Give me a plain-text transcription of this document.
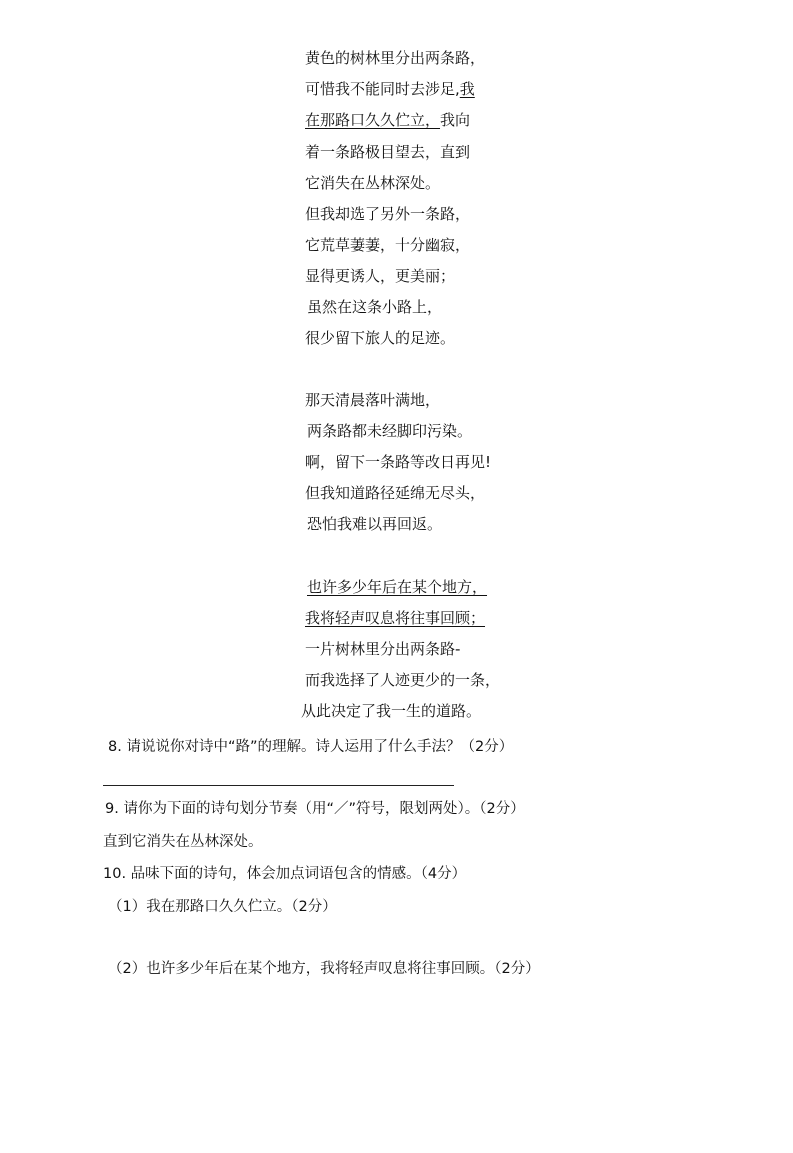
黄色的树林里分出两条路，
可惜我不能同时去涉足,我
在那路口久久伫立，我向
着一条路极目望去，直到
它消失在丛林深处。
但我却选了另外一条路，
它荒草萋萋，十分幽寂，
显得更诱人，更美丽；
虽然在这条小路上，
很少留下旅人的足迹。
那天清晨落叶满地，
两条路都未经脚印污染。
啊，留下一条路等改日再见!
但我知道路径延绵无尽头，
恐怕我难以再回返。
也许多少年后在某个地方，
我将轻声叹息将往事回顾；
一片树林里分出两条路-
而我选择了人迹更少的一条，
从此决定了我一生的道路。
8. 请说说你对诗中“路”的理解。诗人运用了什么手法？（2分）
9. 请你为下面的诗句划分节奏（用“／”符号，限划两处）。（2分）
直到它消失在丛林深处。
10. 品味下面的诗句，体会加点词语包含的情感。（4分）
（1）我在那路口久久伫立。（2分）
（2）也许多少年后在某个地方，我将轻声叹息将往事回顾。（2分）
